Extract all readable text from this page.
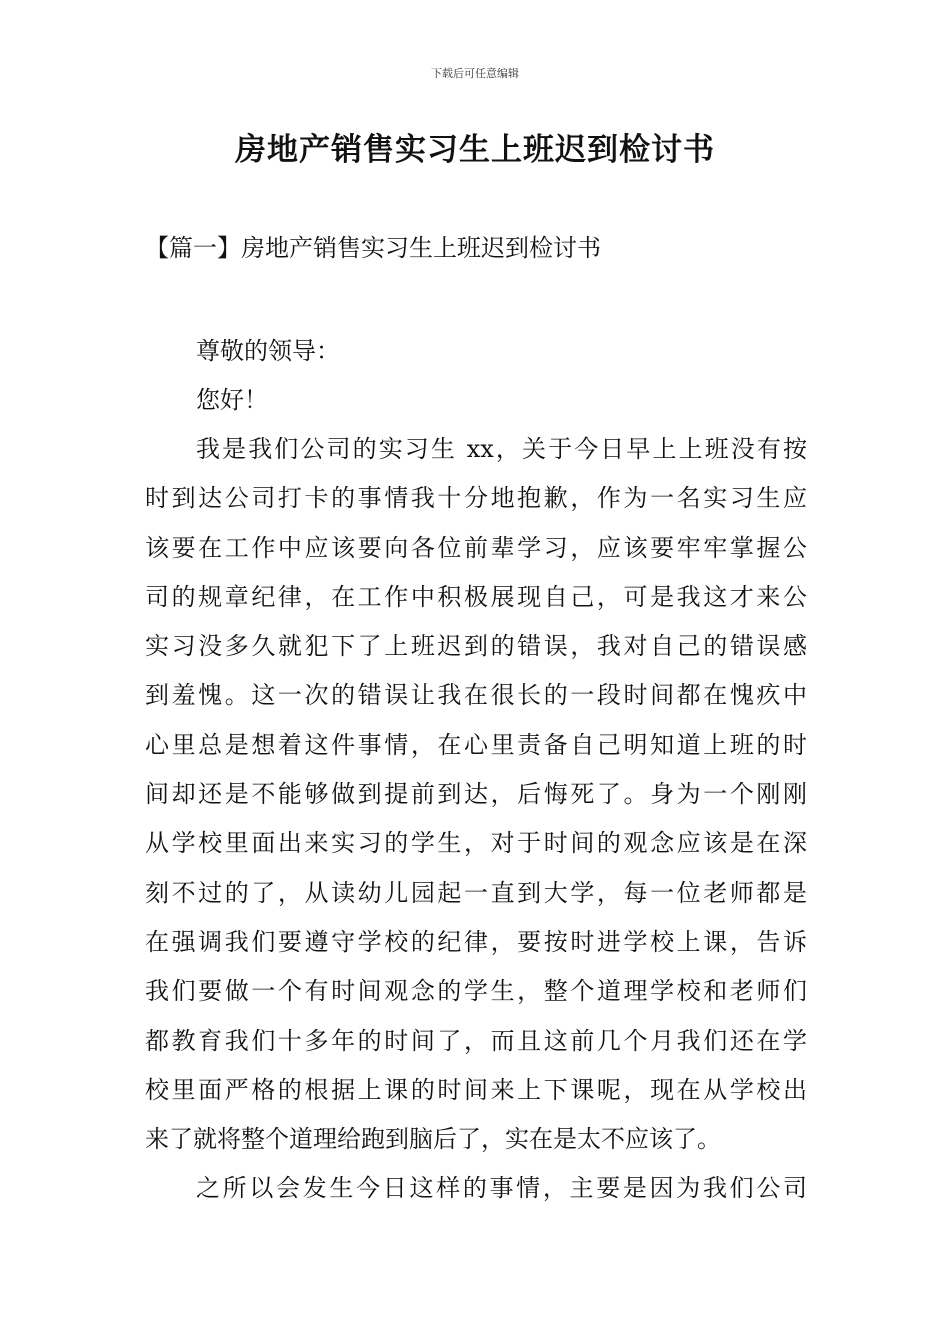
下载后可任意编辑
房地产销售实习生上班迟到检讨书
【篇一】房地产销售实习生上班迟到检讨书
尊敬的领导：
您好！
我是我们公司的实习生 xx，关于今日早上上班没有按
时到达公司打卡的事情我十分地抱歉，作为一名实习生应
该要在工作中应该要向各位前辈学习，应该要牢牢掌握公
司的规章纪律，在工作中积极展现自己，可是我这才来公
实习没多久就犯下了上班迟到的错误，我对自己的错误感
到羞愧。这一次的错误让我在很长的一段时间都在愧疚中
心里总是想着这件事情，在心里责备自己明知道上班的时
间却还是不能够做到提前到达，后悔死了。身为一个刚刚
从学校里面出来实习的学生，对于时间的观念应该是在深
刻不过的了，从读幼儿园起一直到大学，每一位老师都是
在强调我们要遵守学校的纪律，要按时进学校上课，告诉
我们要做一个有时间观念的学生，整个道理学校和老师们
都教育我们十多年的时间了，而且这前几个月我们还在学
校里面严格的根据上课的时间来上下课呢，现在从学校出
来了就将整个道理给跑到脑后了，实在是太不应该了。
之所以会发生今日这样的事情，主要是因为我们公司
